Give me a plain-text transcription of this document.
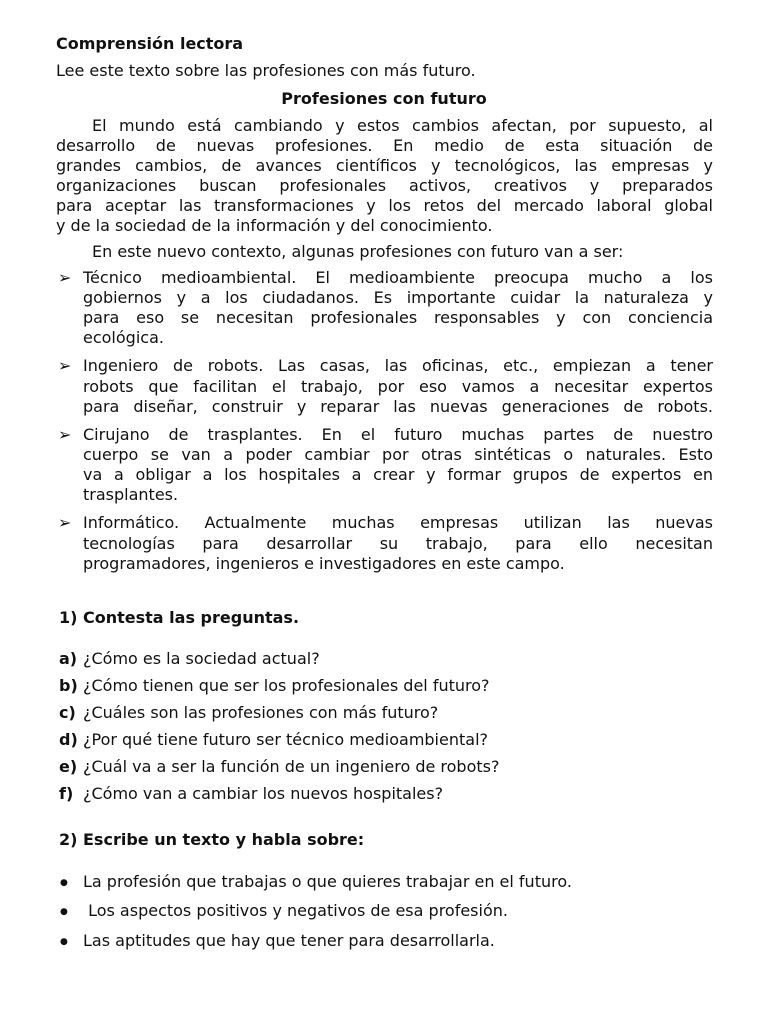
Comprensión lectora
Lee este texto sobre las profesiones con más futuro.
Profesiones con futuro
El mundo está cambiando y estos cambios afectan, por supuesto, al
desarrollo de nuevas profesiones. En medio de esta situación de
grandes cambios, de avances científicos y tecnológicos, las empresas y
organizaciones buscan profesionales activos, creativos y preparados
para aceptar las transformaciones y los retos del mercado laboral global
y de la sociedad de la información y del conocimiento.
En este nuevo contexto, algunas profesiones con futuro van a ser:
➢ Técnico medioambiental. El medioambiente preocupa mucho a los
gobiernos y a los ciudadanos. Es importante cuidar la naturaleza y
para eso se necesitan profesionales responsables y con conciencia
ecológica.
➢ Ingeniero de robots. Las casas, las oficinas, etc., empiezan a tener
robots que facilitan el trabajo, por eso vamos a necesitar expertos
para diseñar, construir y reparar las nuevas generaciones de robots.
➢ Cirujano de trasplantes. En el futuro muchas partes de nuestro
cuerpo se van a poder cambiar por otras sintéticas o naturales. Esto
va a obligar a los hospitales a crear y formar grupos de expertos en
trasplantes.
➢ Informático. Actualmente muchas empresas utilizan las nuevas
tecnologías para desarrollar su trabajo, para ello necesitan
programadores, ingenieros e investigadores en este campo.
1) Contesta las preguntas.
a) ¿Cómo es la sociedad actual?
b) ¿Cómo tienen que ser los profesionales del futuro?
c) ¿Cuáles son las profesiones con más futuro?
d) ¿Por qué tiene futuro ser técnico medioambiental?
e) ¿Cuál va a ser la función de un ingeniero de robots?
f) ¿Cómo van a cambiar los nuevos hospitales?
2) Escribe un texto y habla sobre:
● La profesión que trabajas o que quieres trabajar en el futuro.
● Los aspectos positivos y negativos de esa profesión.
● Las aptitudes que hay que tener para desarrollarla.
